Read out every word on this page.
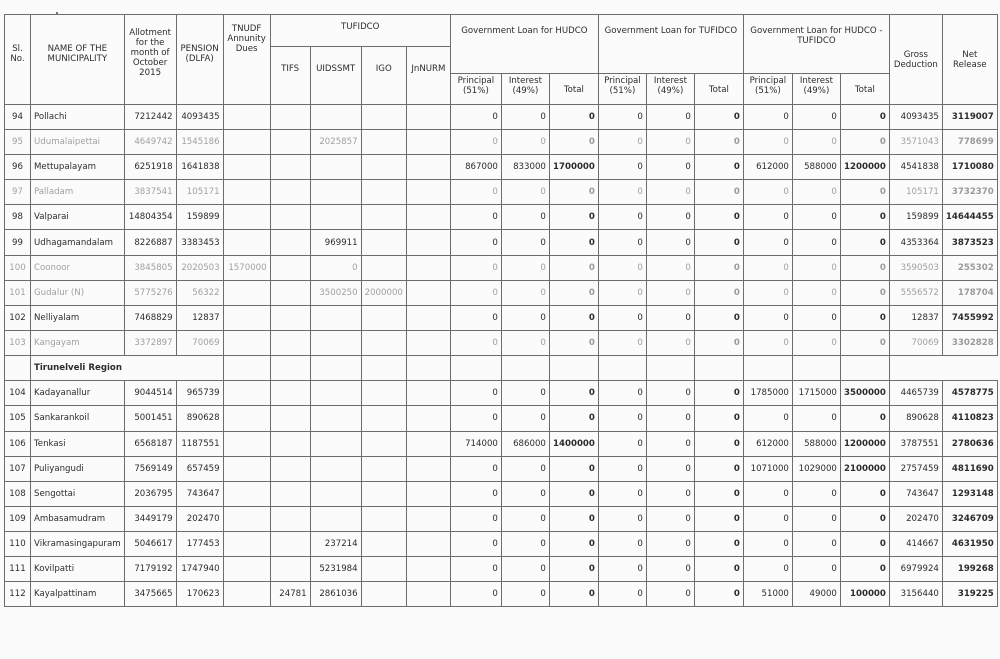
Sl. No.	NAME OF THE MUNICIPALITY	Allotment for the month of October 2015	PENSION (DLFA)	TNUDF Annunity Dues	TUFIDCO				Government Loan for HUDCO			Government Loan for TUFIDCO			Government Loan for HUDCO - TUFIDCO			Gross Deduction	Net Release
					TIFS	UIDSSMT	IGO	JnNURM											
									Principal (51%)	Interest (49%)	Total	Principal (51%)	Interest (49%)	Total	Principal (51%)	Interest (49%)	Total		
94	Pollachi	7212442	4093435						0	0	0	0	0	0	0	0	0	4093435	3119007
95	Udumalaipettai	4649742	1545186			2025857			0	0	0	0	0	0	0	0	0	3571043	778699
96	Mettupalayam	6251918	1641838						867000	833000	1700000	0	0	0	612000	588000	1200000	4541838	1710080
97	Palladam	3837541	105171						0	0	0	0	0	0	0	0	0	105171	3732370
98	Valparai	14804354	159899						0	0	0	0	0	0	0	0	0	159899	14644455
99	Udhagamandalam	8226887	3383453			969911			0	0	0	0	0	0	0	0	0	4353364	3873523
100	Coonoor	3845805	2020503	1570000		0			0	0	0	0	0	0	0	0	0	3590503	255302
101	Gudalur (N)	5775276	56322			3500250	2000000		0	0	0	0	0	0	0	0	0	5556572	178704
102	Nelliyalam	7468829	12837						0	0	0	0	0	0	0	0	0	12837	7455992
103	Kangayam	3372897	70069						0	0	0	0	0	0	0	0	0	70069	3302828
	Tirunelveli Region																		
104	Kadayanallur	9044514	965739						0	0	0	0	0	0	1785000	1715000	3500000	4465739	4578775
105	Sankarankoil	5001451	890628						0	0	0	0	0	0	0	0	0	890628	4110823
106	Tenkasi	6568187	1187551						714000	686000	1400000	0	0	0	612000	588000	1200000	3787551	2780636
107	Puliyangudi	7569149	657459						0	0	0	0	0	0	1071000	1029000	2100000	2757459	4811690
108	Sengottai	2036795	743647						0	0	0	0	0	0	0	0	0	743647	1293148
109	Ambasamudram	3449179	202470						0	0	0	0	0	0	0	0	0	202470	3246709
110	Vikramasingapuram	5046617	177453			237214			0	0	0	0	0	0	0	0	0	414667	4631950
111	Kovilpatti	7179192	1747940			5231984			0	0	0	0	0	0	0	0	0	6979924	199268
112	Kayalpattinam	3475665	170623		24781	2861036			0	0	0	0	0	0	51000	49000	100000	3156440	319225
